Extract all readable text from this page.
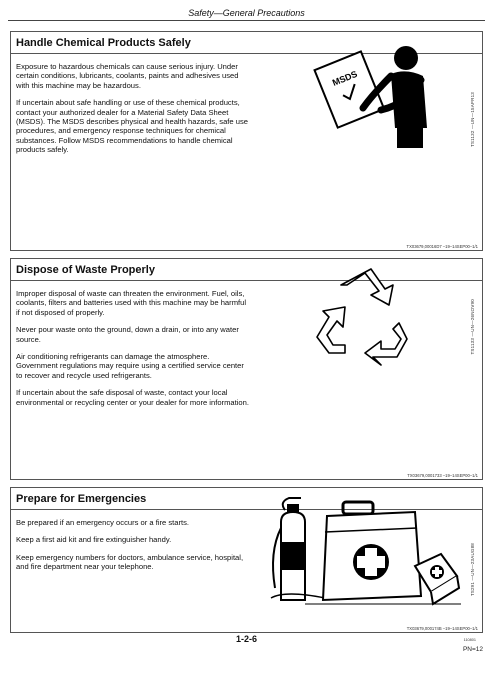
Safety—General Precautions
Handle Chemical Products Safely

Exposure to hazardous chemicals can cause serious injury. Under certain conditions, lubricants, coolants, paints and adhesives used with this machine may be hazardous.

If uncertain about safe handling or use of these chemical products, contact your authorized dealer for a Material Safety Data Sheet (MSDS). The MSDS describes physical and health hazards, safe use procedures, and emergency response techniques for chemical substances. Follow MSDS recommendations to handle chemical products safely.

MSDS
TS1132 —UN—15APR13
TX03679,00016D7 –19–14SEP00–1/1
Dispose of Waste Properly

Improper disposal of waste can threaten the environment. Fuel, oils, coolants, filters and batteries used with this machine may be harmful if not disposed of properly.

Never pour waste onto the ground, down a drain, or into any water source.

Air conditioning refrigerants can damage the atmosphere. Government regulations may require using a certified service center to recover and recycle used refrigerants.

If uncertain about the safe disposal of waste, contact your local environmental or recycling center or your dealer for more information.

TS1133 —UN—26NOV90
TX03679,0001733 –19–14SEP00–1/1
Prepare for Emergencies

Be prepared if an emergency occurs or a fire starts.

Keep a first aid kit and fire extinguisher handy.

Keep emergency numbers for doctors, ambulance service, hospital, and fire department near your telephone.	TS291 —UN—23AUG88
TX03679,000174B –19–14SEP00–1/1
1-2-6	110801
PN=12
